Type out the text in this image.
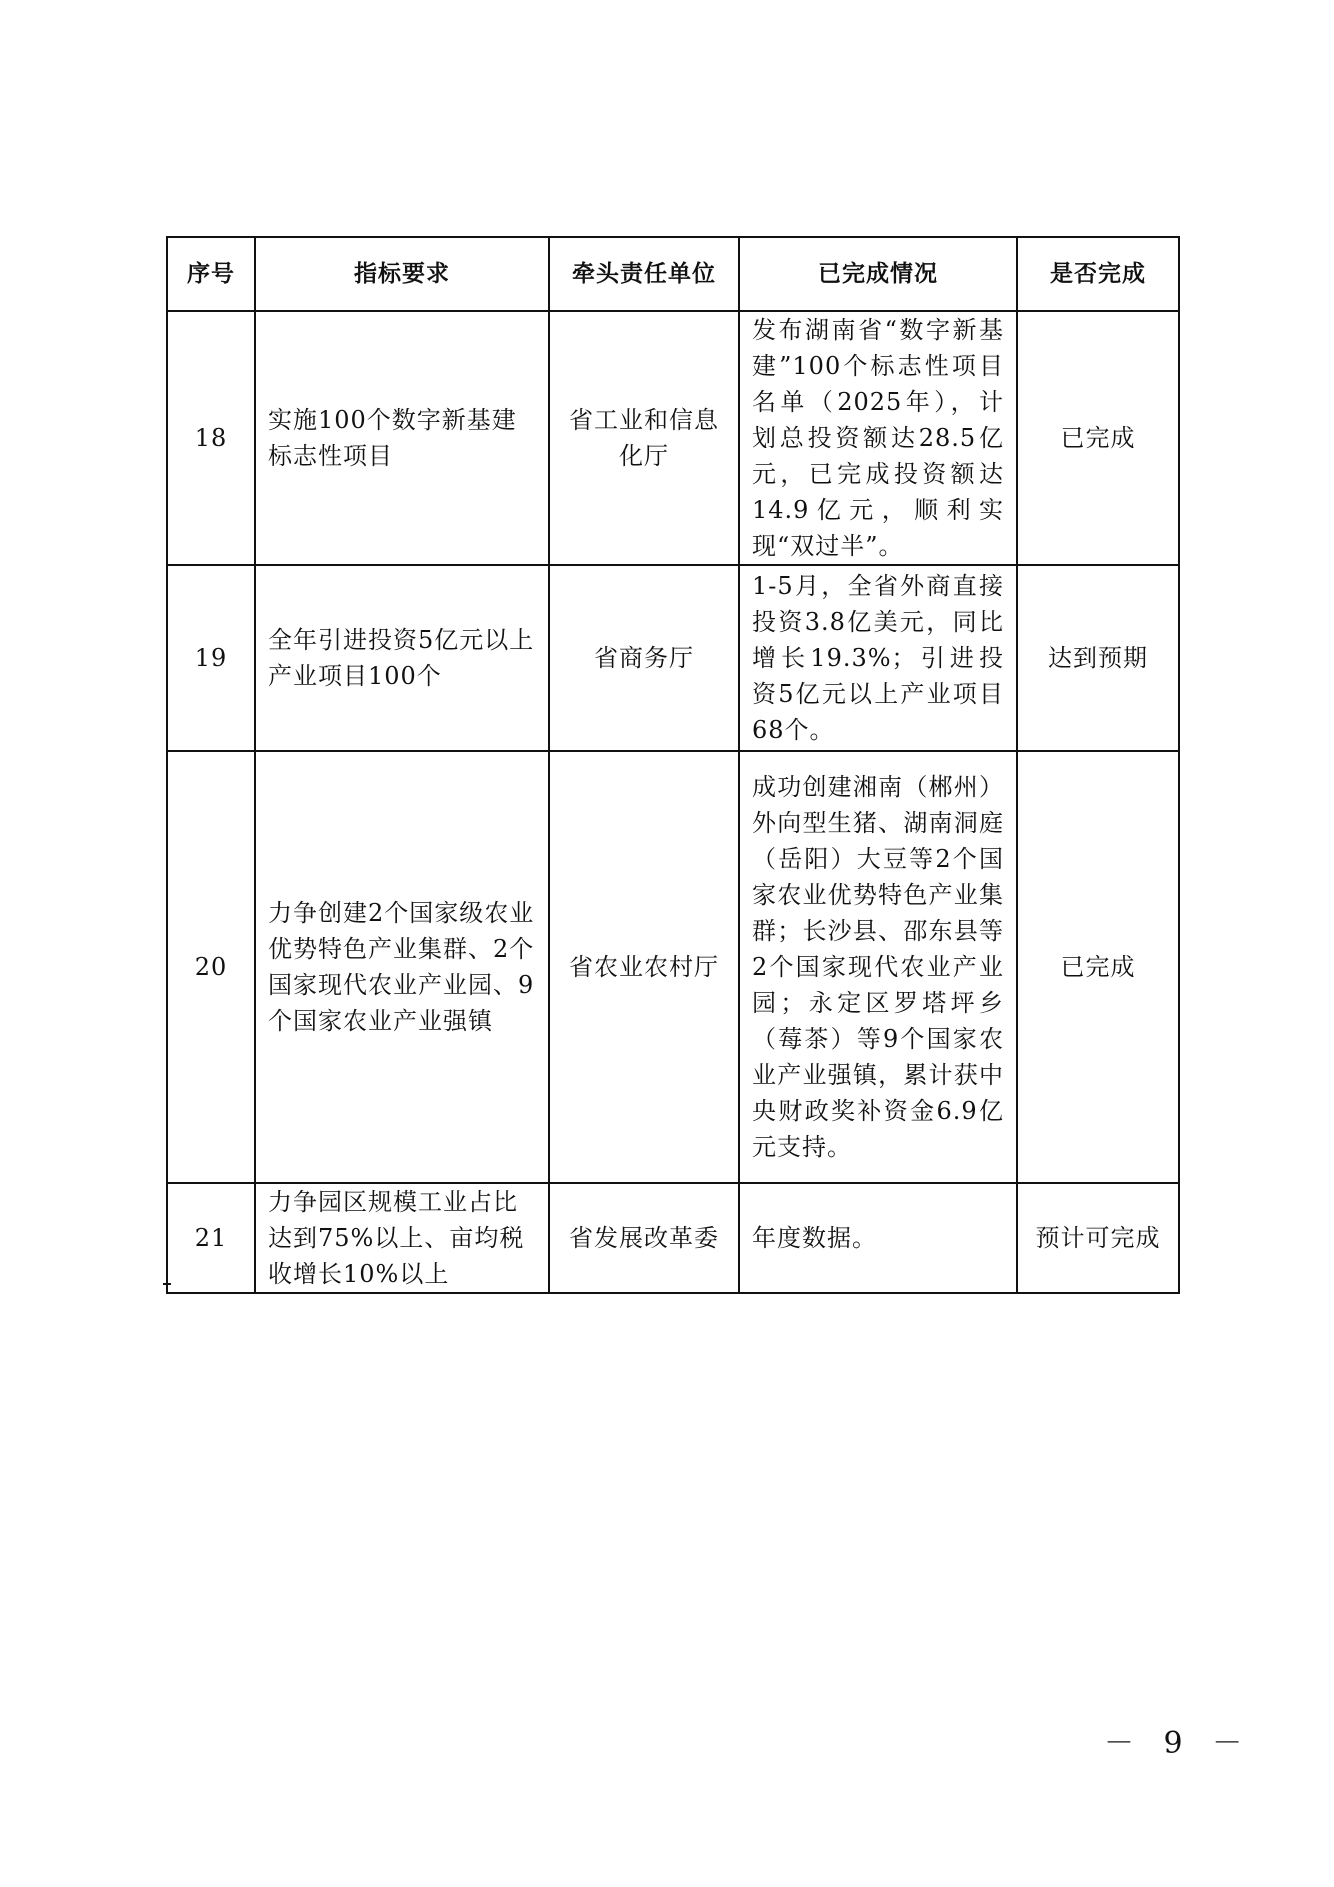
序号	指标要求	牵头责任单位	已完成情况	是否完成
18	实施100个数字新基建标志性项目	省工业和信息化厅	发布湖南省“数字新基建”100个标志性项目名单（2025年），计划总投资额达28.5亿元，已完成投资额达14.9亿元，顺利实现“双过半”。	已完成
19	全年引进投资5亿元以上产业项目100个	省商务厅	1-5月，全省外商直接投资3.8亿美元，同比增长19.3%；引进投资5亿元以上产业项目68个。	达到预期
20	力争创建2个国家级农业优势特色产业集群、2个国家现代农业产业园、9个国家农业产业强镇	省农业农村厅	成功创建湘南（郴州）外向型生猪、湖南洞庭（岳阳）大豆等2个国家农业优势特色产业集群；长沙县、邵东县等2个国家现代农业产业园；永定区罗塔坪乡（莓茶）等9个国家农业产业强镇，累计获中央财政奖补资金6.9亿元支持。	已完成
21	力争园区规模工业占比达到75%以上、亩均税收增长10%以上	省发展改革委	年度数据。	预计可完成
－ 9 －
